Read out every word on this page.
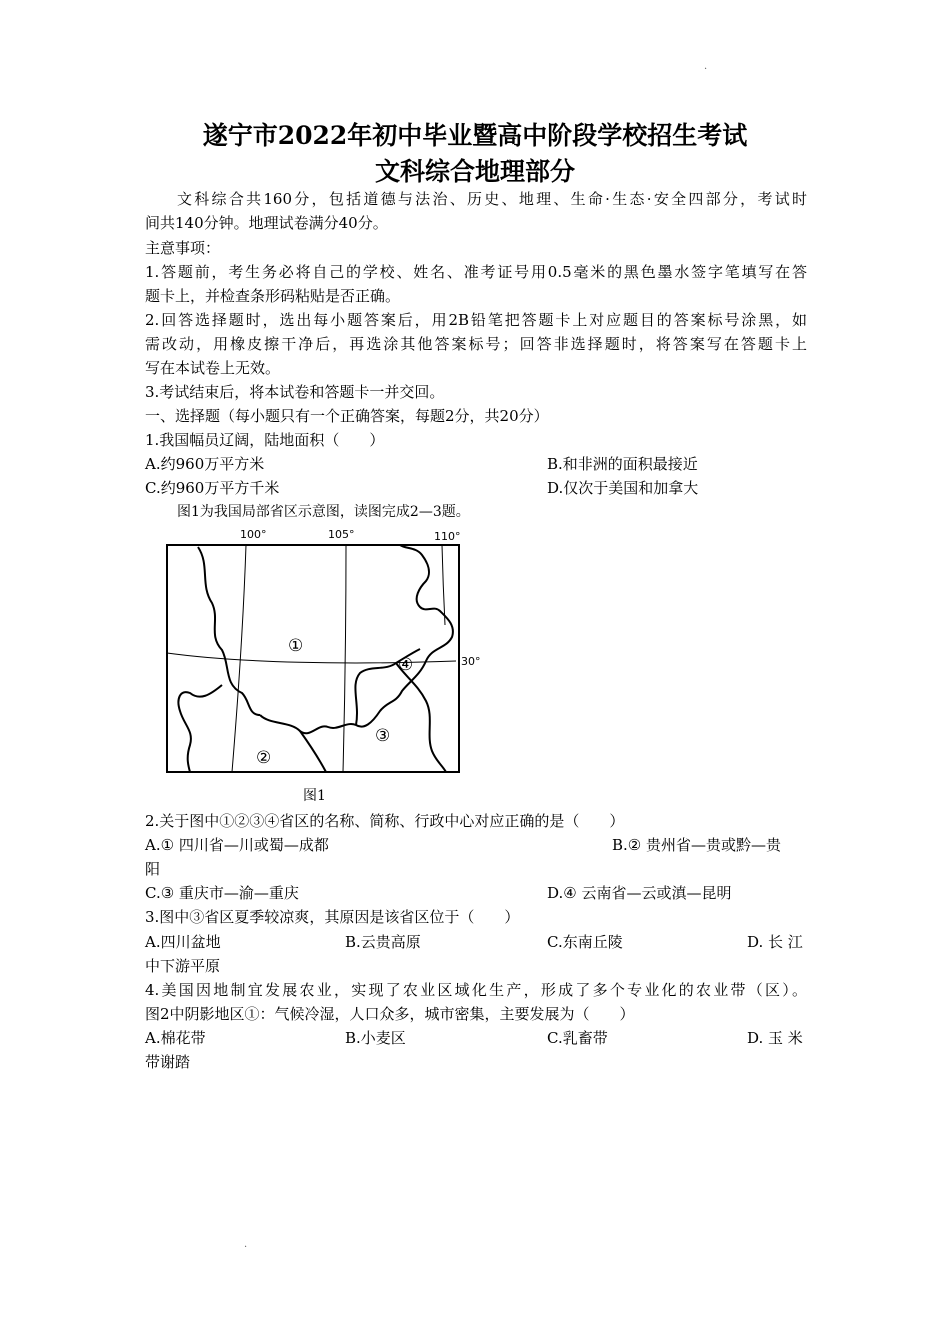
·
遂宁市2022年初中毕业暨高中阶段学校招生考试
文科综合地理部分
文科综合共160分，包括道德与法治、历史、地理、生命·生态·安全四部分，考试时
间共140分钟。地理试卷满分40分。
主意事项：
1.答题前，考生务必将自己的学校、姓名、准考证号用0.5毫米的黑色墨水签字笔填写在答
题卡上，并检查条形码粘贴是否正确。
2.回答选择题时，选出每小题答案后，用2B铅笔把答题卡上对应题目的答案标号涂黑，如
需改动，用橡皮擦干净后，再选涂其他答案标号；回答非选择题时，将答案写在答题卡上
写在本试卷上无效。
3.考试结束后，将本试卷和答题卡一并交回。
一、选择题（每小题只有一个正确答案，每题2分，共20分）
1.我国幅员辽阔，陆地面积（　　）
A.约960万平方米	B.和非洲的面积最接近
C.约960万平方千米	D.仅次于美国和加拿大
图1为我国局部省区示意图，读图完成2—3题。
100°	105°	110°
30°
①
②
③
④
图1
2.关于图中①②③④省区的名称、简称、行政中心对应正确的是（　　）
A.① 四川省—川或蜀—成都	B.② 贵州省—贵或黔—贵
阳
C.③ 重庆市—渝—重庆	D.④ 云南省—云或滇—昆明
3.图中③省区夏季较凉爽，其原因是该省区位于（　　）
A.四川盆地	B.云贵高原	C.东南丘陵	D. 长 江
中下游平原
4.美国因地制宜发展农业，实现了农业区域化生产，形成了多个专业化的农业带（区）。
图2中阴影地区①：气候冷湿，人口众多，城市密集，主要发展为（　　）
A.棉花带	B.小麦区	C.乳畜带	D. 玉 米
带谢踏
·
